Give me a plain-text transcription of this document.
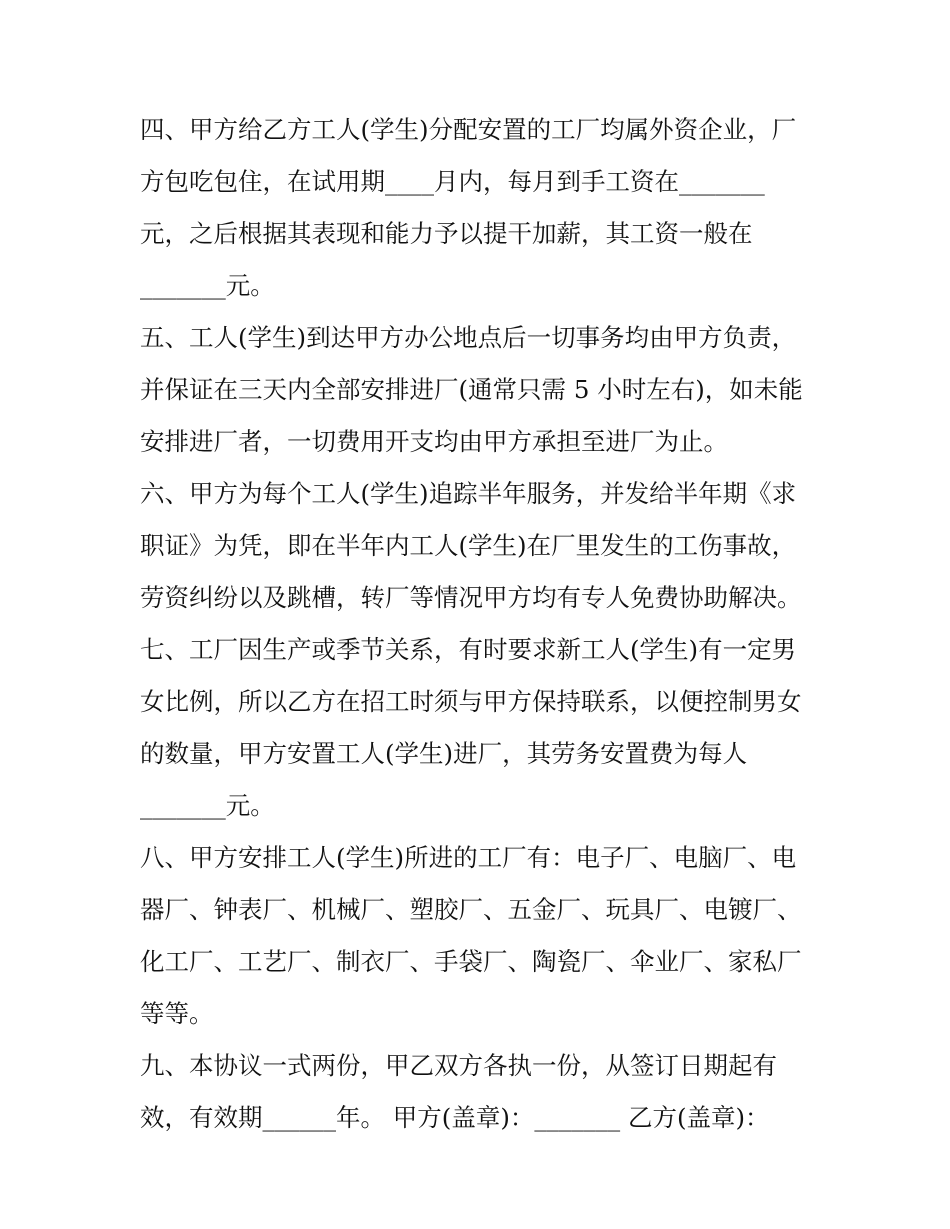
四、甲方给乙方工人(学生)分配安置的工厂均属外资企业，厂
方包吃包住，在试用期____月内，每月到手工资在_______
元，之后根据其表现和能力予以提干加薪，其工资一般在
_______元。
五、工人(学生)到达甲方办公地点后一切事务均由甲方负责，
并保证在三天内全部安排进厂(通常只需 5 小时左右)，如未能
安排进厂者，一切费用开支均由甲方承担至进厂为止。
六、甲方为每个工人(学生)追踪半年服务，并发给半年期《求
职证》为凭，即在半年内工人(学生)在厂里发生的工伤事故，
劳资纠纷以及跳槽，转厂等情况甲方均有专人免费协助解决。
七、工厂因生产或季节关系，有时要求新工人(学生)有一定男
女比例，所以乙方在招工时须与甲方保持联系，以便控制男女
的数量，甲方安置工人(学生)进厂，其劳务安置费为每人
_______元。
八、甲方安排工人(学生)所进的工厂有：电子厂、电脑厂、电
器厂、钟表厂、机械厂、塑胶厂、五金厂、玩具厂、电镀厂、
化工厂、工艺厂、制衣厂、手袋厂、陶瓷厂、伞业厂、家私厂
等等。
九、本协议一式两份，甲乙双方各执一份，从签订日期起有
效，有效期______年。 甲方(盖章)：_______ 乙方(盖章)：
